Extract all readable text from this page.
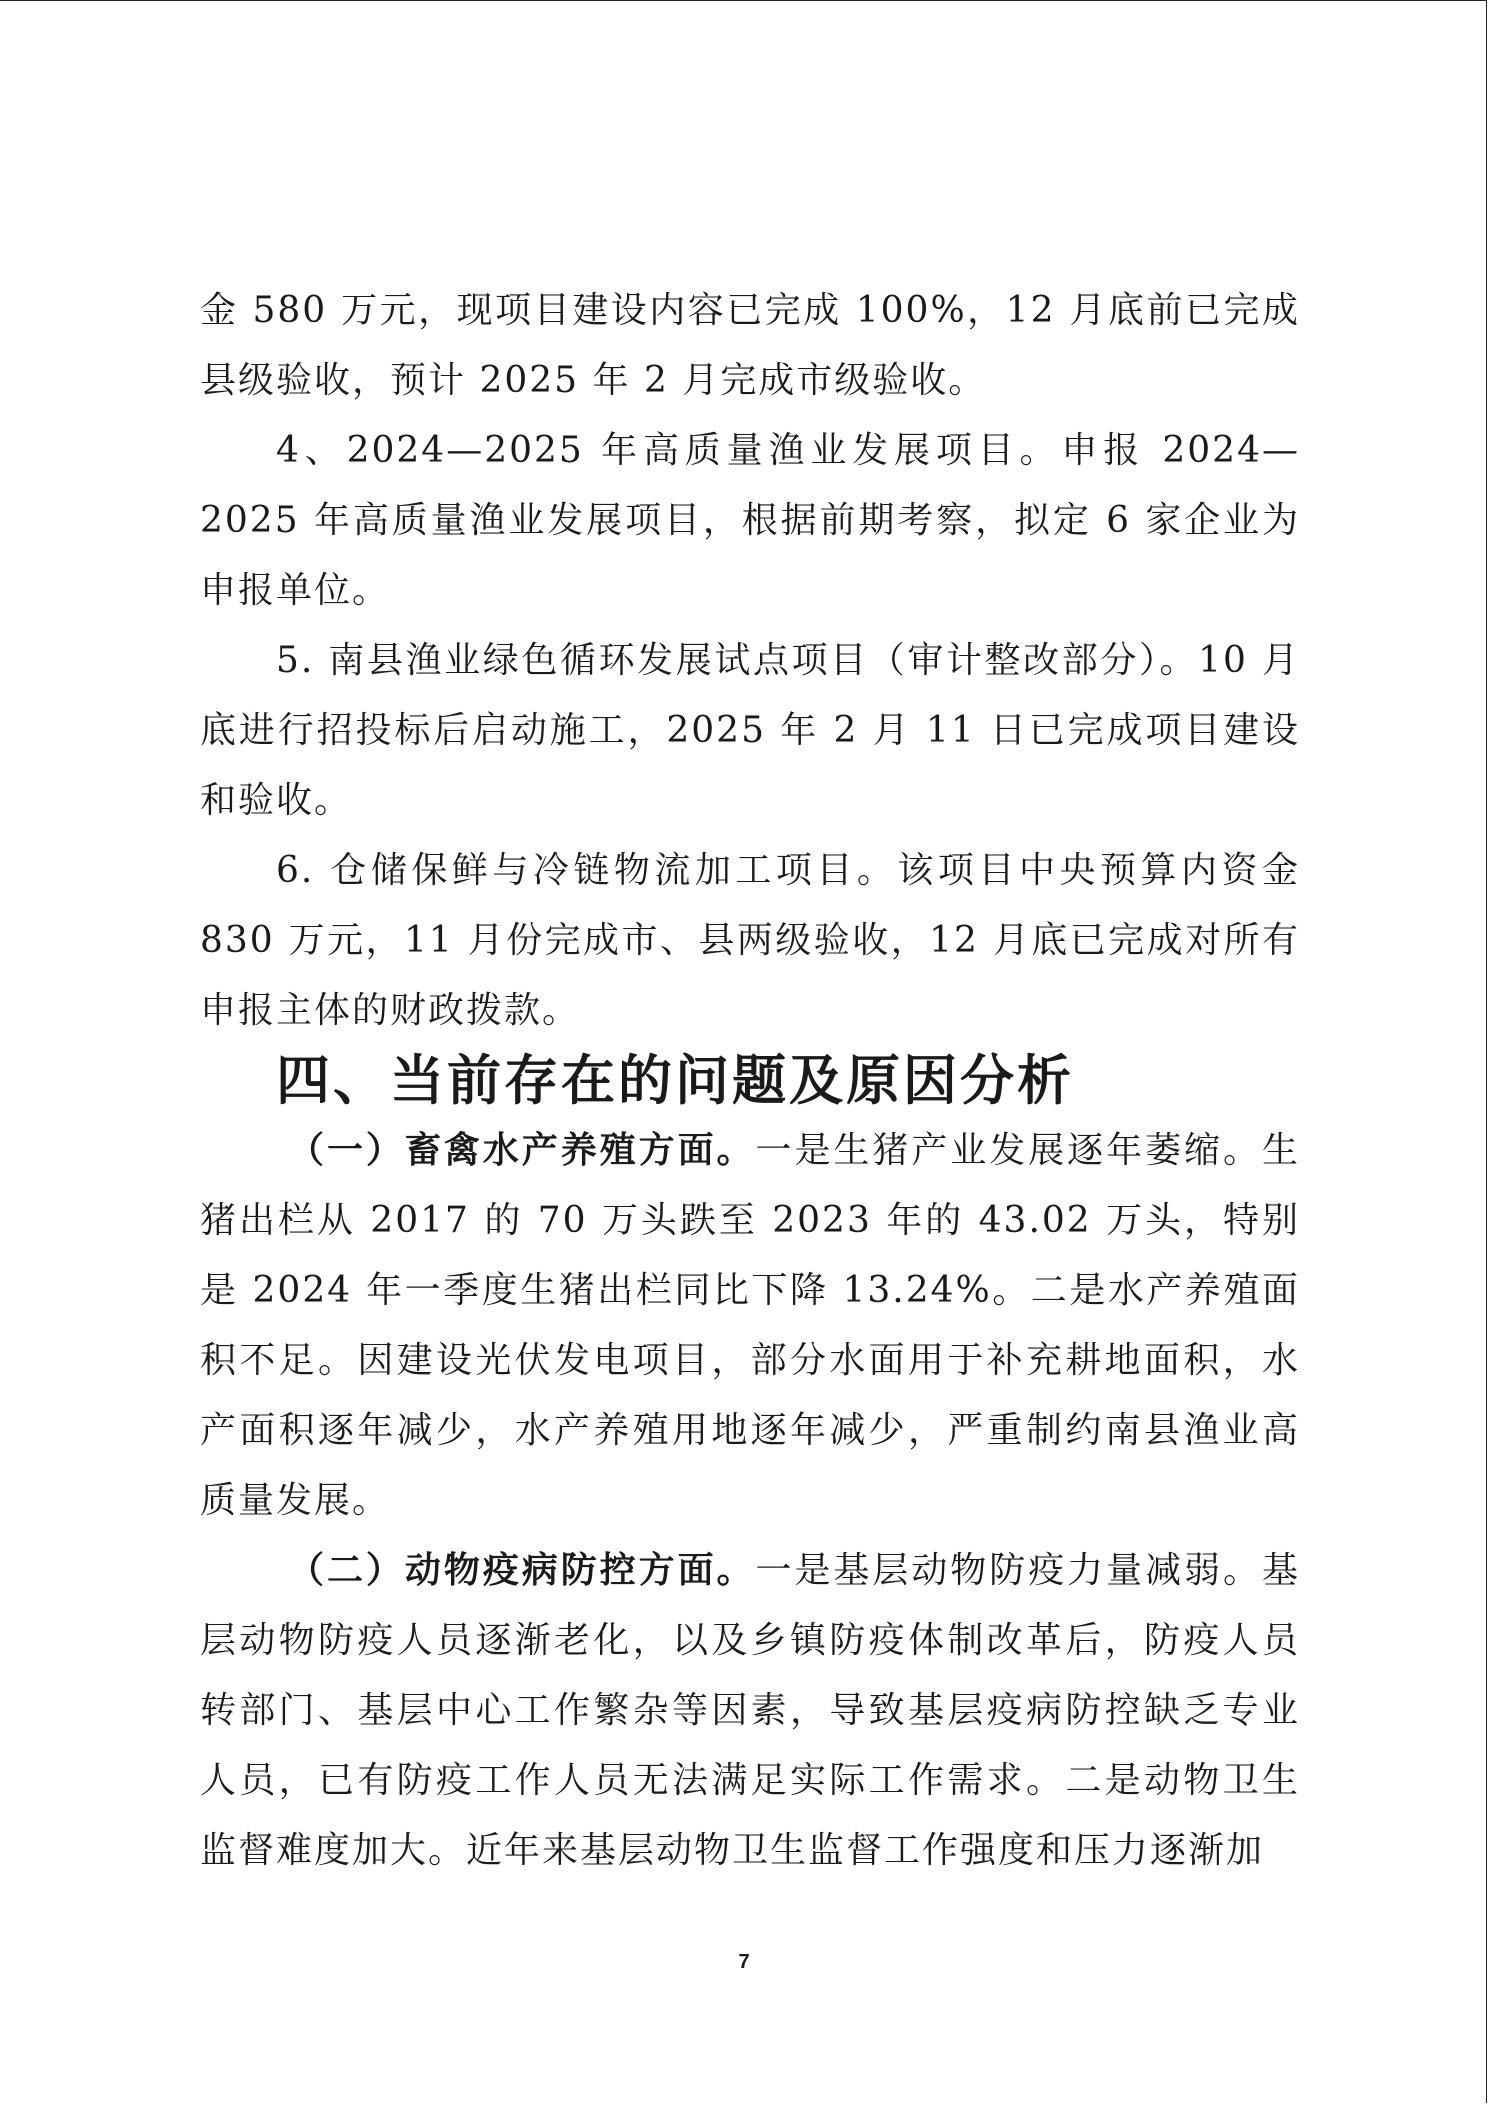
金 580 万元，现项目建设内容已完成 100%，12 月底前已完成县级验收，预计 2025 年 2 月完成市级验收。

4、2024—2025 年高质量渔业发展项目。申报 2024—2025 年高质量渔业发展项目，根据前期考察，拟定 6 家企业为申报单位。

5. 南县渔业绿色循环发展试点项目（审计整改部分）。10 月底进行招投标后启动施工，2025 年 2 月 11 日已完成项目建设和验收。

6. 仓储保鲜与冷链物流加工项目。该项目中央预算内资金 830 万元，11 月份完成市、县两级验收，12 月底已完成对所有申报主体的财政拨款。

四、当前存在的问题及原因分析

（一）畜禽水产养殖方面。一是生猪产业发展逐年萎缩。生猪出栏从 2017 的 70 万头跌至 2023 年的 43.02 万头，特别是 2024 年一季度生猪出栏同比下降 13.24%。二是水产养殖面积不足。因建设光伏发电项目，部分水面用于补充耕地面积，水产面积逐年减少，水产养殖用地逐年减少，严重制约南县渔业高质量发展。

（二）动物疫病防控方面。一是基层动物防疫力量减弱。基层动物防疫人员逐渐老化，以及乡镇防疫体制改革后，防疫人员转部门、基层中心工作繁杂等因素，导致基层疫病防控缺乏专业人员，已有防疫工作人员无法满足实际工作需求。二是动物卫生监督难度加大。近年来基层动物卫生监督工作强度和压力逐渐加

7
